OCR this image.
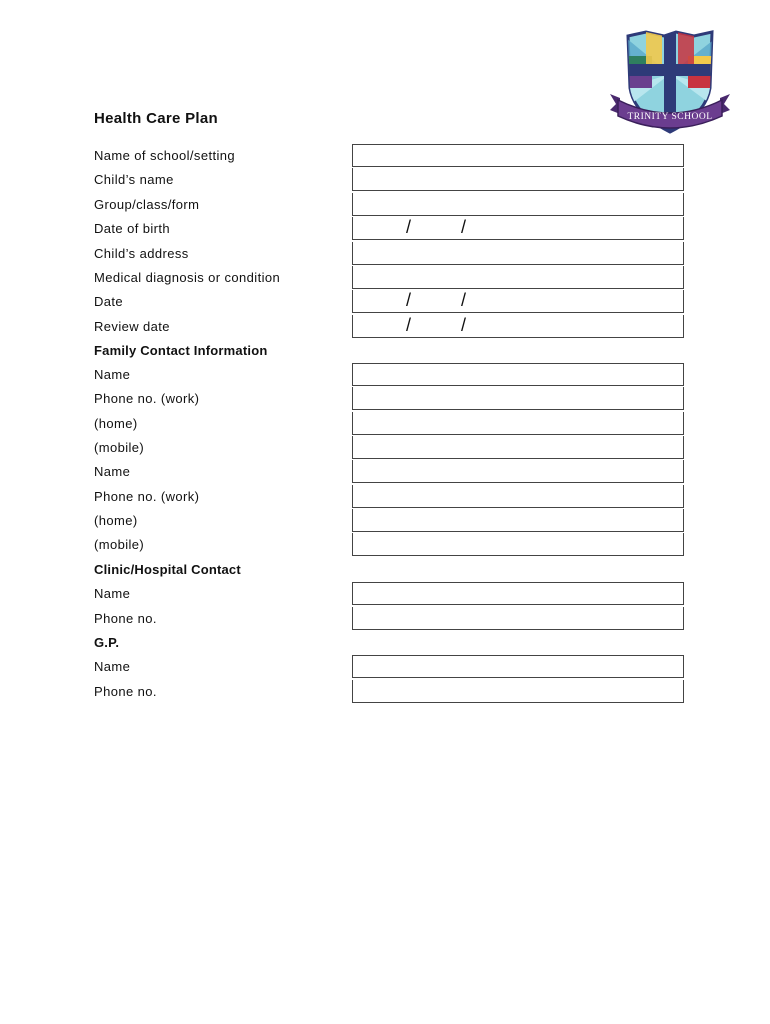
TRINITY SCHOOL
Health Care Plan
Name of school/setting
Child’s name
Group/class/form
Date of birth	/	/
Child’s address
Medical diagnosis or condition
Date	/	/
Review date	/	/
Family Contact Information
Name
Phone no. (work)
(home)
(mobile)
Name
Phone no. (work)
(home)
(mobile)
Clinic/Hospital Contact
Name
Phone no.
G.P.
Name
Phone no.
